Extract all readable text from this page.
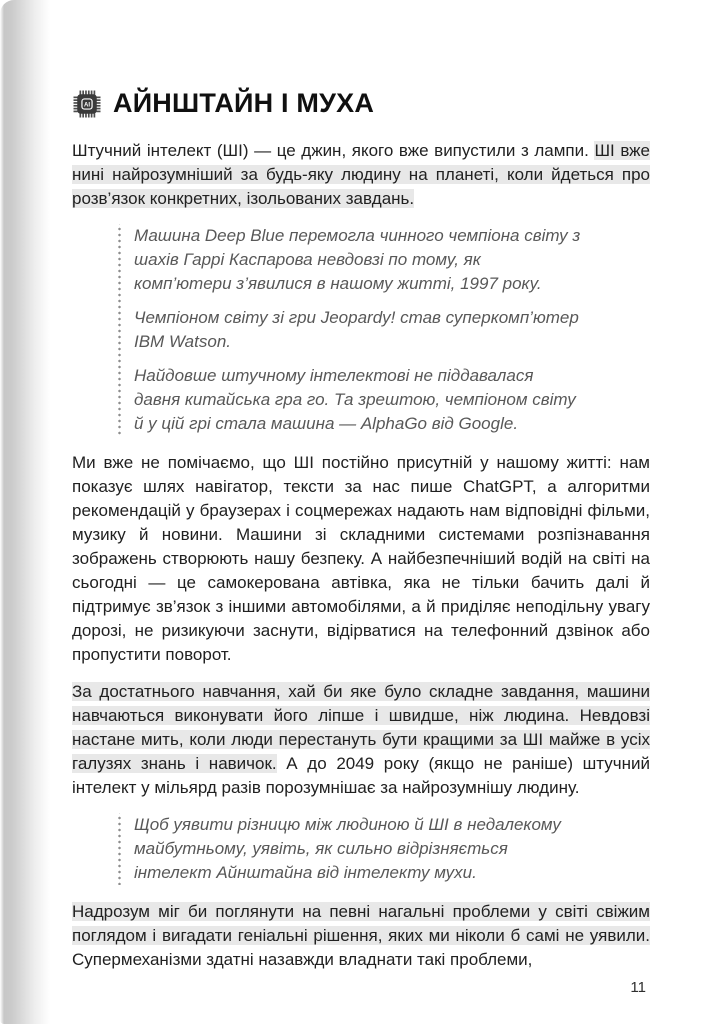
AI АЙНШТАЙН І МУХА

Штучний інтелект (ШІ) — це джин, якого вже випустили з лампи. ШІ вже нині найрозумніший за будь-яку людину на планеті, коли йдеться про розв’язок конкретних, ізольованих завдань.

Машина Deep Blue перемогла чинного чемпіона світу з шахів Гаррі Каспарова невдовзі по тому, як комп’ютери з’явилися в нашому житті, 1997 року.

Чемпіоном світу зі гри Jeopardy! став суперкомп’ютер IBM Watson.

Найдовше штучному інтелектові не піддавалася давня китайська гра го. Та зрештою, чемпіоном світу й у цій грі стала машина — AlphaGo від Google.

Ми вже не помічаємо, що ШІ постійно присутній у нашому житті: нам показує шлях навігатор, тексти за нас пише ChatGPT, а алгоритми рекомендацій у браузерах і соцмережах надають нам відповідні фільми, музику й новини. Машини зі складними системами розпізнавання зображень створюють нашу безпеку. А найбезпечніший водій на світі на сьогодні — це самокерована автівка, яка не тільки бачить далі й підтримує зв’язок з іншими автомобілями, а й приділяє неподільну увагу дорозі, не ризикуючи заснути, відірватися на телефонний дзвінок або пропустити поворот.

За достатнього навчання, хай би яке було складне завдання, машини навчаються виконувати його ліпше і швидше, ніж людина. Невдовзі настане мить, коли люди перестануть бути кращими за ШІ майже в усіх галузях знань і навичок. А до 2049 року (якщо не раніше) штучний інтелект у мільярд разів порозумнішає за найрозумнішу людину.

Щоб уявити різницю між людиною й ШІ в недалекому майбутньому, уявіть, як сильно відрізняється інтелект Айнштайна від інтелекту мухи.

Надрозум міг би поглянути на певні нагальні проблеми у світі свіжим поглядом і вигадати геніальні рішення, яких ми ніколи б самі не уявили. Супермеханізми здатні назавжди владнати такі проблеми,

11
